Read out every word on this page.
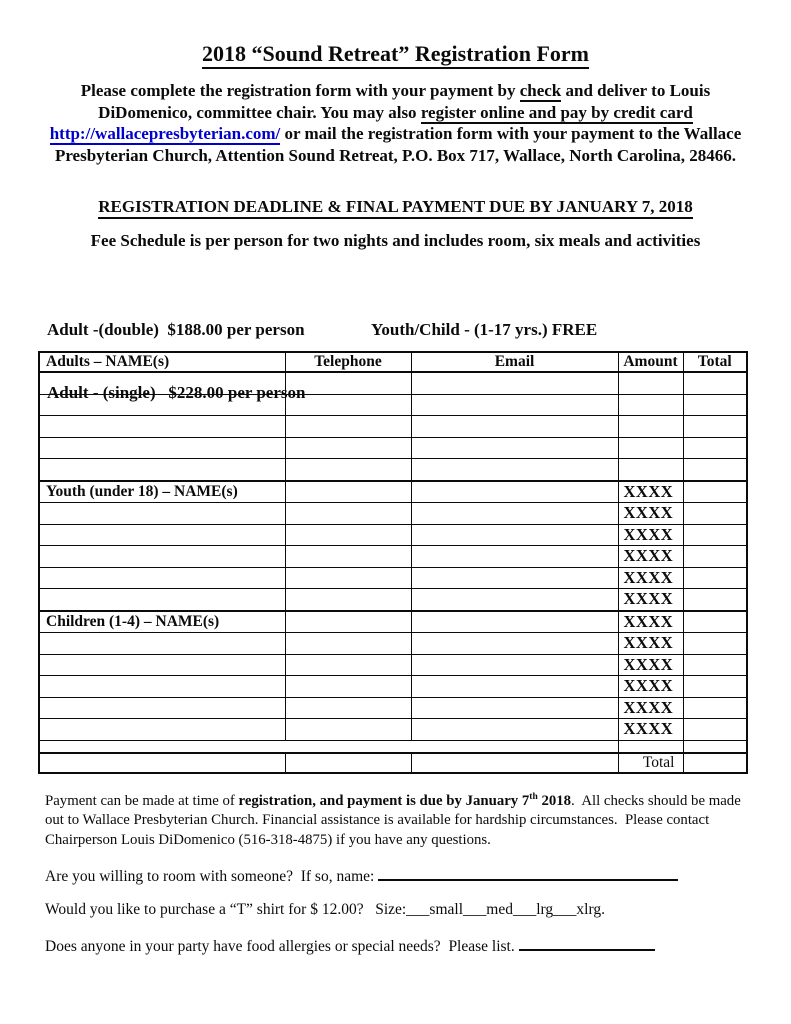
2018 “Sound Retreat” Registration Form
Please complete the registration form with your payment by check and deliver to Louis DiDomenico, committee chair. You may also register online and pay by credit card http://wallacepresbyterian.com/ or mail the registration form with your payment to the Wallace Presbyterian Church, Attention Sound Retreat, P.O. Box 717, Wallace, North Carolina, 28466.
REGISTRATION DEADLINE & FINAL PAYMENT DUE BY JANUARY 7, 2018
Fee Schedule is per person for two nights and includes room, six meals and activities

Adult -(double)  $188.00 per person	Youth/Child - (1-17 yrs.) FREE

Adult - (single)   $228.00 per person

Adults – NAME(s)	Telephone	Email	Amount	Total

Youth (under 18) – NAME(s)			XXXX	
			XXXX	
			XXXX	
			XXXX	
			XXXX	
			XXXX	
Children (1-4) – NAME(s)			XXXX	
			XXXX	
			XXXX	
			XXXX	
			XXXX	
			XXXX	

			Total	
Payment can be made at time of registration, and payment is due by January 7th 2018.  All checks should be made out to Wallace Presbyterian Church. Financial assistance is available for hardship circumstances.  Please contact Chairperson Louis DiDomenico (516-318-4875) if you have any questions.
Are you willing to room with someone?  If so, name:
Would you like to purchase a “T” shirt for $ 12.00?   Size:___small___med___lrg___xlrg.
Does anyone in your party have food allergies or special needs?  Please list.
